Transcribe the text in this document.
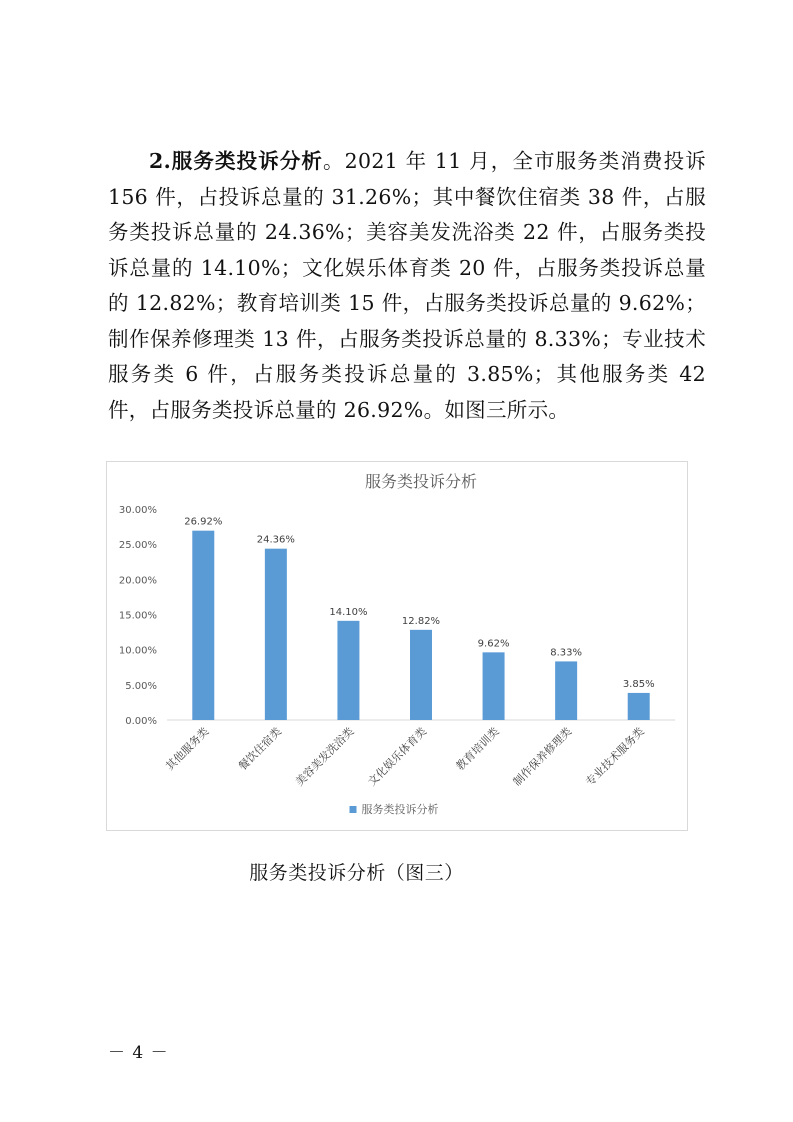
2.服务类投诉分析。2021 年 11 月，全市服务类消费投诉 156 件，占投诉总量的 31.26%；其中餐饮住宿类 38 件，占服务类投诉总量的 24.36%；美容美发洗浴类 22 件，占服务类投诉总量的 14.10%；文化娱乐体育类 20 件，占服务类投诉总量的 12.82%；教育培训类 15 件，占服务类投诉总量的 9.62%；制作保养修理类 13 件，占服务类投诉总量的 8.33%；专业技术服务类 6 件，占服务类投诉总量的 3.85%；其他服务类 42 件，占服务类投诉总量的 26.92%。如图三所示。

服务类投诉分析
0.00%
5.00%
10.00%
15.00%
20.00%
25.00%
30.00%
26.92%
其他服务类
24.36%
餐饮住宿类
14.10%
美容美发洗浴类
12.82%
文化娱乐体育类
9.62%
教育培训类
8.33%
制作保养修理类
3.85%
专业技术服务类
服务类投诉分析
服务类投诉分析（图三）
－ 4 －
